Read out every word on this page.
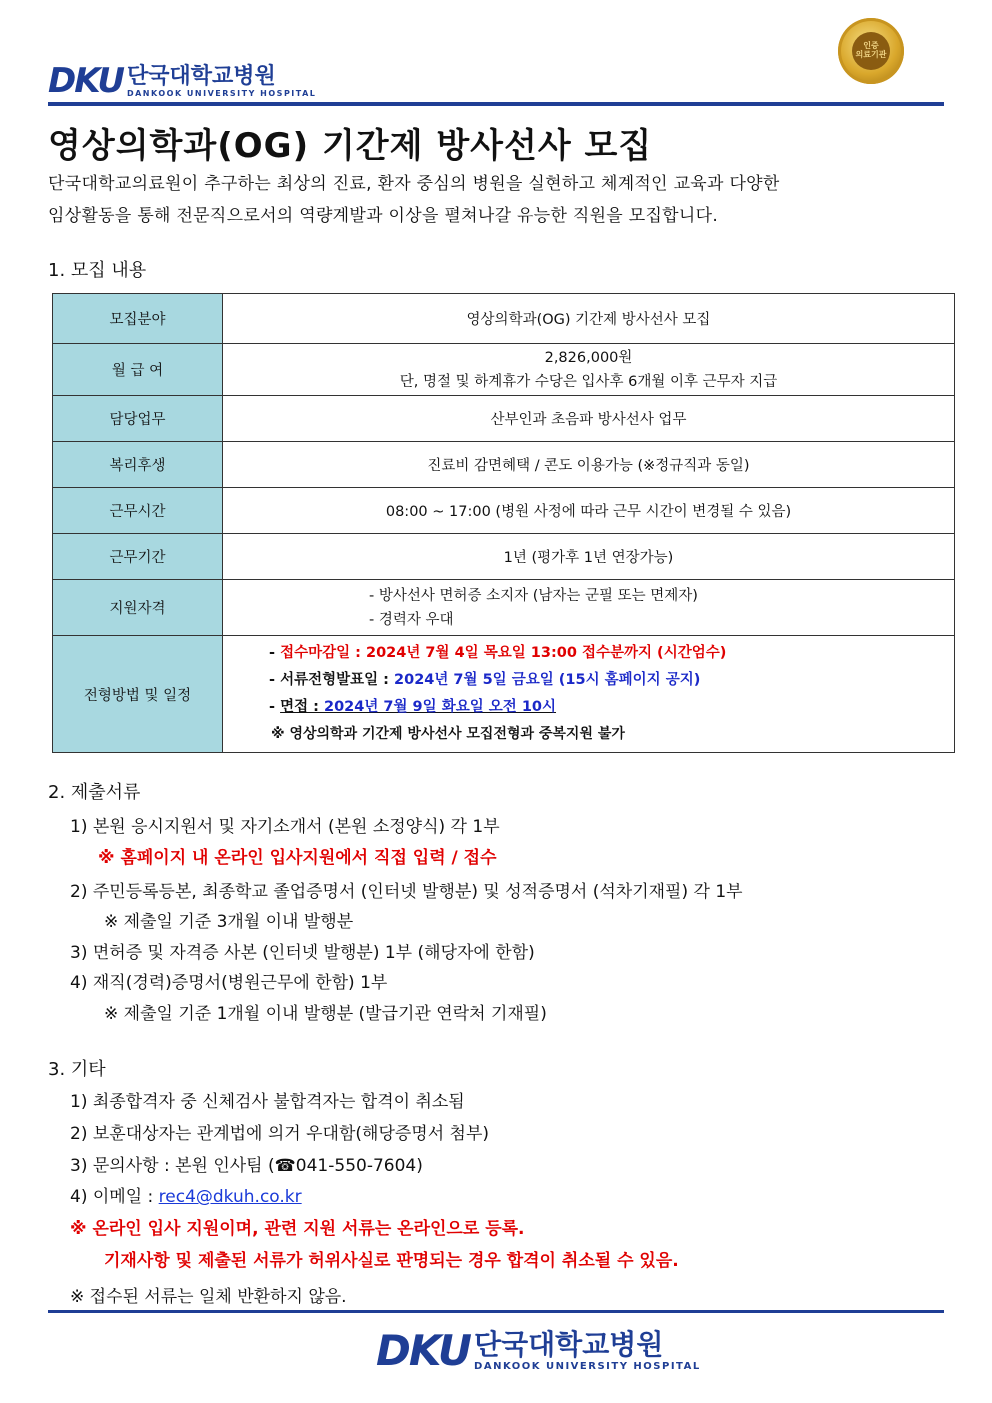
DKU 단국대학교병원
DANKOOK UNIVERSITY HOSPITAL
인증
의료기관
영상의학과(OG) 기간제 방사선사 모집
단국대학교의료원이 추구하는 최상의 진료, 환자 중심의 병원을 실현하고 체계적인 교육과 다양한
임상활동을 통해 전문직으로서의 역량계발과 이상을 펼쳐나갈 유능한 직원을 모집합니다.
1. 모집 내용
모집분야	영상의학과(OG) 기간제 방사선사 모집
월 급 여	2,826,000원
단, 명절 및 하계휴가 수당은 입사후 6개월 이후 근무자 지급

담당업무	산부인과 초음파 방사선사 업무
복리후생	진료비 감면혜택 / 콘도 이용가능 (※정규직과 동일)
근무시간	08:00 ~ 17:00 (병원 사정에 따라 근무 시간이 변경될 수 있음)
근무기간	1년 (평가후 1년 연장가능)
지원자격	- 방사선사 면허증 소지자 (남자는 군필 또는 면제자)
- 경력자 우대

전형방법 및 일정	- 접수마감일 : 2024년 7월 4일 목요일 13:00 접수분까지 (시간엄수)
- 서류전형발표일 : 2024년 7월 5일 금요일 (15시 홈페이지 공지)
- 면접 : 2024년 7월 9일 화요일 오전 10시
※ 영상의학과 기간제 방사선사 모집전형과 중복지원 불가
2. 제출서류
1) 본원 응시지원서 및 자기소개서 (본원 소정양식) 각 1부
※ 홈페이지 내 온라인 입사지원에서 직접 입력 / 접수
2) 주민등록등본, 최종학교 졸업증명서 (인터넷 발행분) 및 성적증명서 (석차기재필) 각 1부
※ 제출일 기준 3개월 이내 발행분
3) 면허증 및 자격증 사본 (인터넷 발행분) 1부 (해당자에 한함)
4) 재직(경력)증명서(병원근무에 한함) 1부
※ 제출일 기준 1개월 이내 발행분 (발급기관 연락처 기재필)
3. 기타
1) 최종합격자 중 신체검사 불합격자는 합격이 취소됨
2) 보훈대상자는 관계법에 의거 우대함(해당증명서 첨부)
3) 문의사항 : 본원 인사팀 (☎041-550-7604)
4) 이메일 : rec4@dkuh.co.kr
※ 온라인 입사 지원이며, 관련 지원 서류는 온라인으로 등록.
기재사항 및 제출된 서류가 허위사실로 판명되는 경우 합격이 취소될 수 있음.
※ 접수된 서류는 일체 반환하지 않음.
DKU 단국대학교병원
DANKOOK UNIVERSITY HOSPITAL
